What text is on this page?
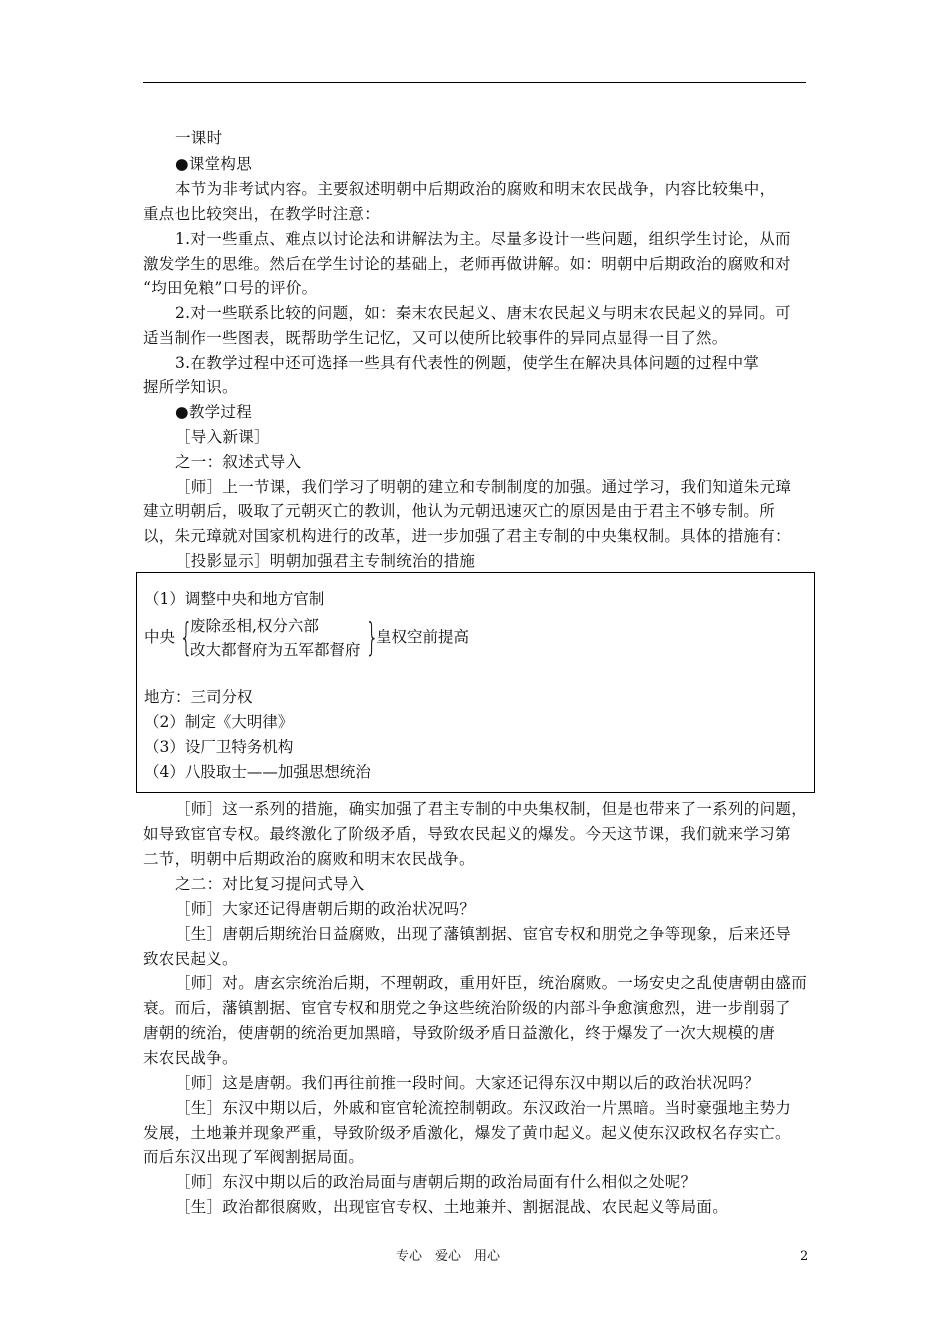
一课时
●课堂构思
本节为非考试内容。主要叙述明朝中后期政治的腐败和明末农民战争，内容比较集中，
重点也比较突出，在教学时注意：
1.对一些重点、难点以讨论法和讲解法为主。尽量多设计一些问题，组织学生讨论，从而
激发学生的思维。然后在学生讨论的基础上，老师再做讲解。如：明朝中后期政治的腐败和对
“均田免粮”口号的评价。
2.对一些联系比较的问题，如：秦末农民起义、唐末农民起义与明末农民起义的异同。可
适当制作一些图表，既帮助学生记忆，又可以使所比较事件的异同点显得一目了然。
3.在教学过程中还可选择一些具有代表性的例题，使学生在解决具体问题的过程中掌
握所学知识。
●教学过程
［导入新课］
之一：叙述式导入
［师］上一节课，我们学习了明朝的建立和专制制度的加强。通过学习，我们知道朱元璋
建立明朝后，吸取了元朝灭亡的教训，他认为元朝迅速灭亡的原因是由于君主不够专制。所
以，朱元璋就对国家机构进行的改革，进一步加强了君主专制的中央集权制。具体的措施有：
［投影显示］明朝加强君主专制统治的措施
（1）调整中央和地方官制
中央 {
废除丞相,权分六部
改大都督府为五军都督府 }
皇权空前提高
地方：三司分权
（2）制定《大明律》
（3）设厂卫特务机构
（4）八股取士——加强思想统治
［师］这一系列的措施，确实加强了君主专制的中央集权制，但是也带来了一系列的问题，
如导致宦官专权。最终激化了阶级矛盾，导致农民起义的爆发。今天这节课，我们就来学习第
二节，明朝中后期政治的腐败和明末农民战争。
之二：对比复习提问式导入
［师］大家还记得唐朝后期的政治状况吗？
［生］唐朝后期统治日益腐败，出现了藩镇割据、宦官专权和朋党之争等现象，后来还导
致农民起义。
［师］对。唐玄宗统治后期，不理朝政，重用奸臣，统治腐败。一场安史之乱使唐朝由盛而
衰。而后，藩镇割据、宦官专权和朋党之争这些统治阶级的内部斗争愈演愈烈，进一步削弱了
唐朝的统治，使唐朝的统治更加黑暗，导致阶级矛盾日益激化，终于爆发了一次大规模的唐
末农民战争。
［师］这是唐朝。我们再往前推一段时间。大家还记得东汉中期以后的政治状况吗？
［生］东汉中期以后，外戚和宦官轮流控制朝政。东汉政治一片黑暗。当时豪强地主势力
发展，土地兼并现象严重，导致阶级矛盾激化，爆发了黄巾起义。起义使东汉政权名存实亡。
而后东汉出现了军阀割据局面。
［师］东汉中期以后的政治局面与唐朝后期的政治局面有什么相似之处呢？
［生］政治都很腐败，出现宦官专权、土地兼并、割据混战、农民起义等局面。
专心　爱心　用心	2
